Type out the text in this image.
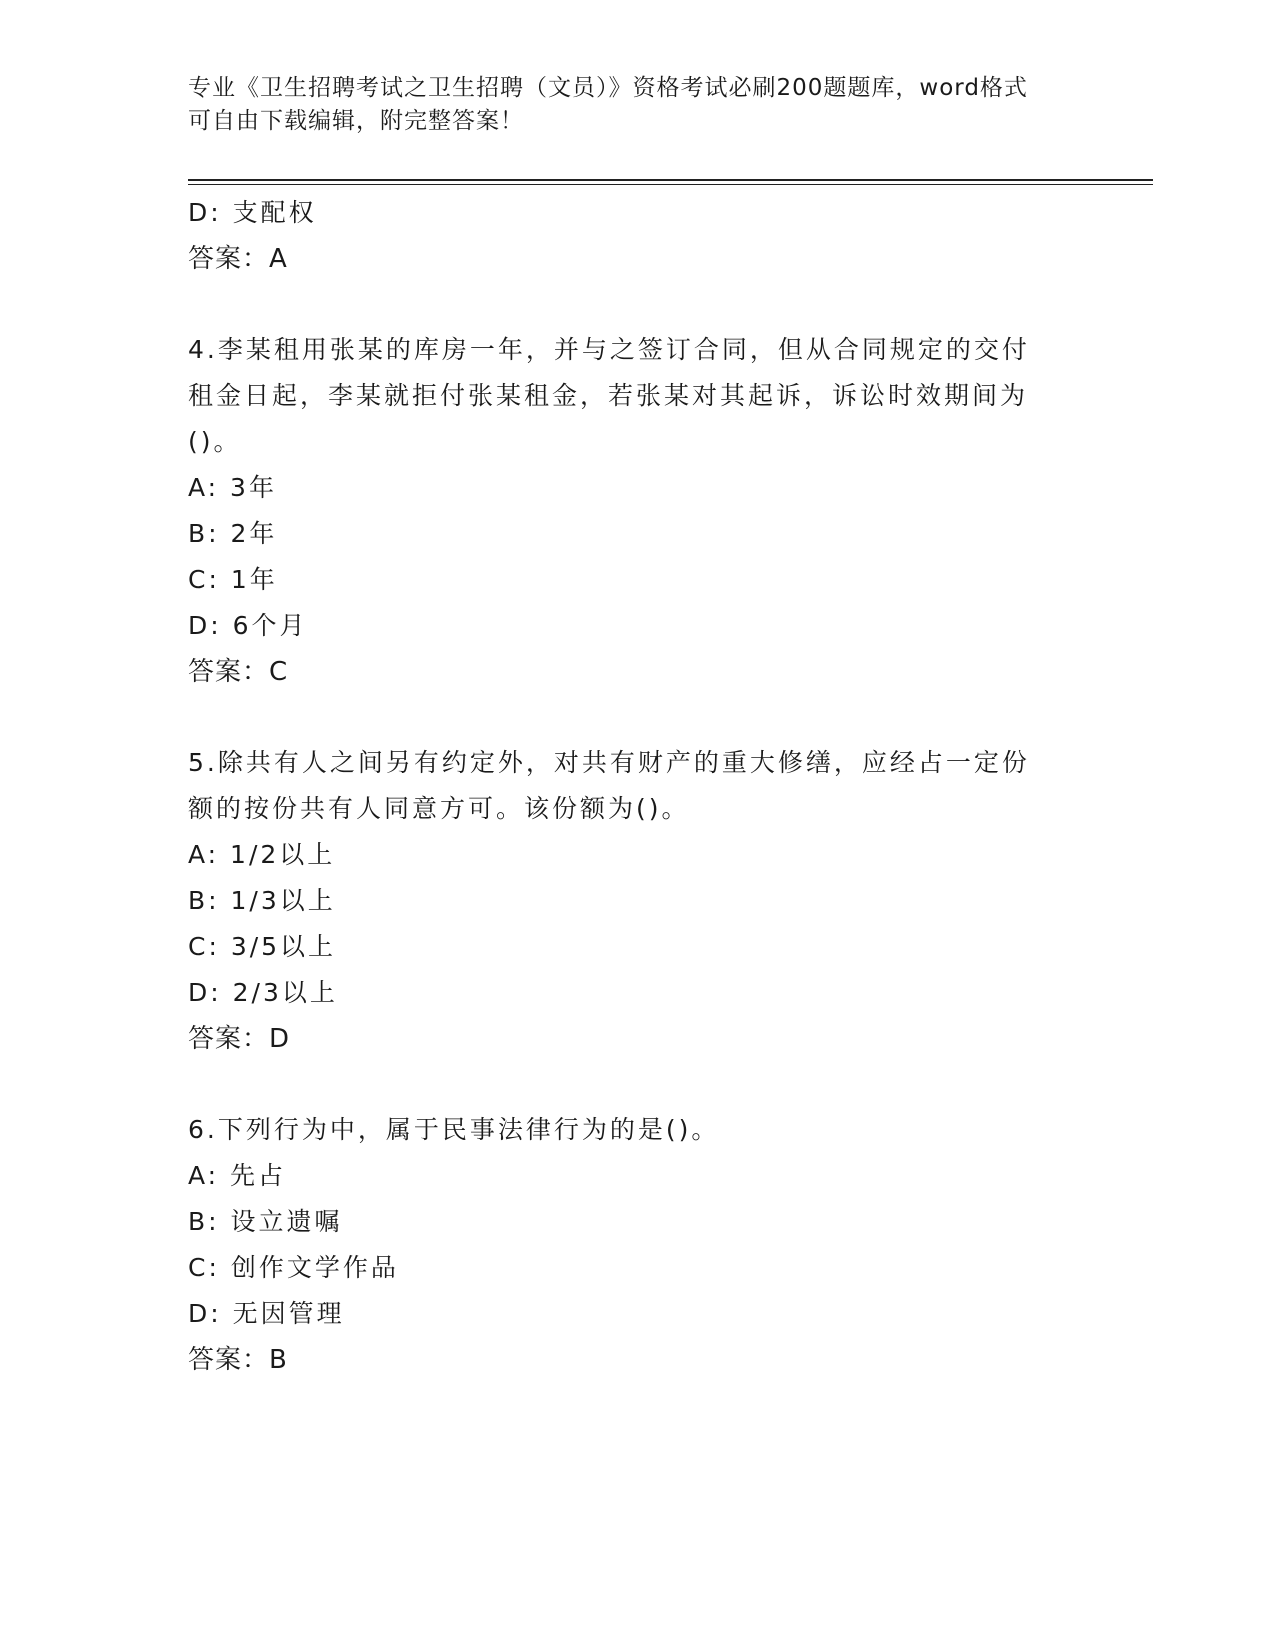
专业《卫生招聘考试之卫生招聘（文员）》资格考试必刷200题题库，word格式
可自由下载编辑，附完整答案！
D: 支配权
答案：A
4.李某租用张某的库房一年，并与之签订合同，但从合同规定的交付
租金日起，李某就拒付张某租金，若张某对其起诉，诉讼时效期间为
()。
A: 3年
B: 2年
C: 1年
D: 6个月
答案：C
5.除共有人之间另有约定外，对共有财产的重大修缮，应经占一定份
额的按份共有人同意方可。该份额为()。
A: 1/2以上
B: 1/3以上
C: 3/5以上
D: 2/3以上
答案：D
6.下列行为中，属于民事法律行为的是()。
A: 先占
B: 设立遗嘱
C: 创作文学作品
D: 无因管理
答案：B
